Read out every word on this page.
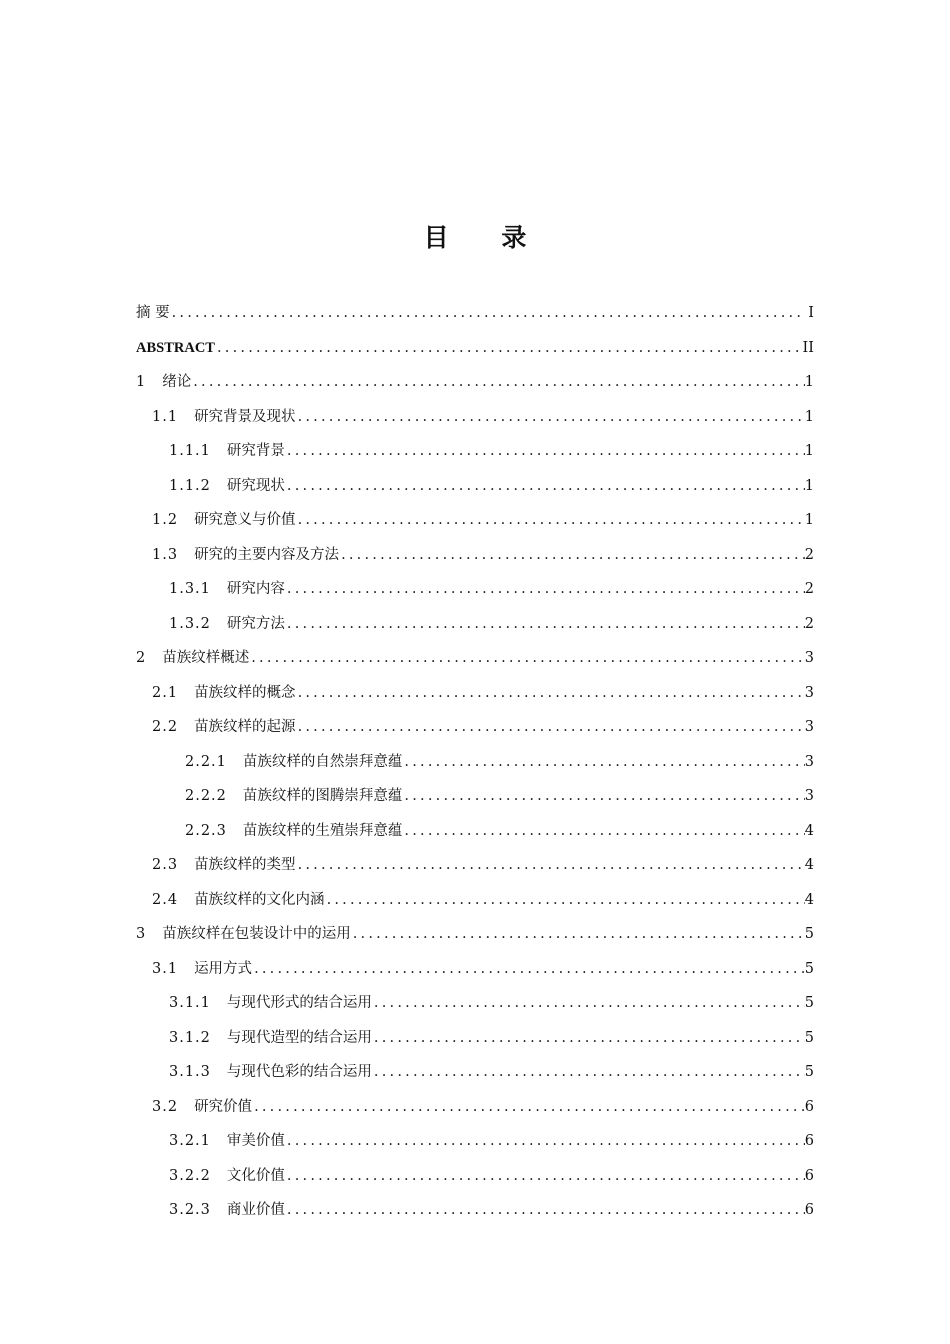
目 录
摘 要 .....	I
ABSTRACT .....	II
1	绪论 .....	1
1.1	研究背景及现状 .....	1
1.1.1	研究背景 .....	1
1.1.2	研究现状 .....	1
1.2	研究意义与价值 .....	1
1.3	研究的主要内容及方法 .....	2
1.3.1	研究内容 .....	2
1.3.2	研究方法 .....	2
2	苗族纹样概述 .....	3
2.1	苗族纹样的概念 .....	3
2.2	苗族纹样的起源 .....	3
2.2.1	苗族纹样的自然崇拜意蕴 .....	3
2.2.2	苗族纹样的图腾崇拜意蕴 .....	3
2.2.3	苗族纹样的生殖崇拜意蕴 .....	4
2.3	苗族纹样的类型 .....	4
2.4	苗族纹样的文化内涵 .....	4
3	苗族纹样在包装设计中的运用 .....	5
3.1	运用方式 .....	5
3.1.1	与现代形式的结合运用 .....	5
3.1.2	与现代造型的结合运用 .....	5
3.1.3	与现代色彩的结合运用 .....	5
3.2	研究价值 .....	6
3.2.1	审美价值 .....	6
3.2.2	文化价值 .....	6
3.2.3	商业价值 .....	6
